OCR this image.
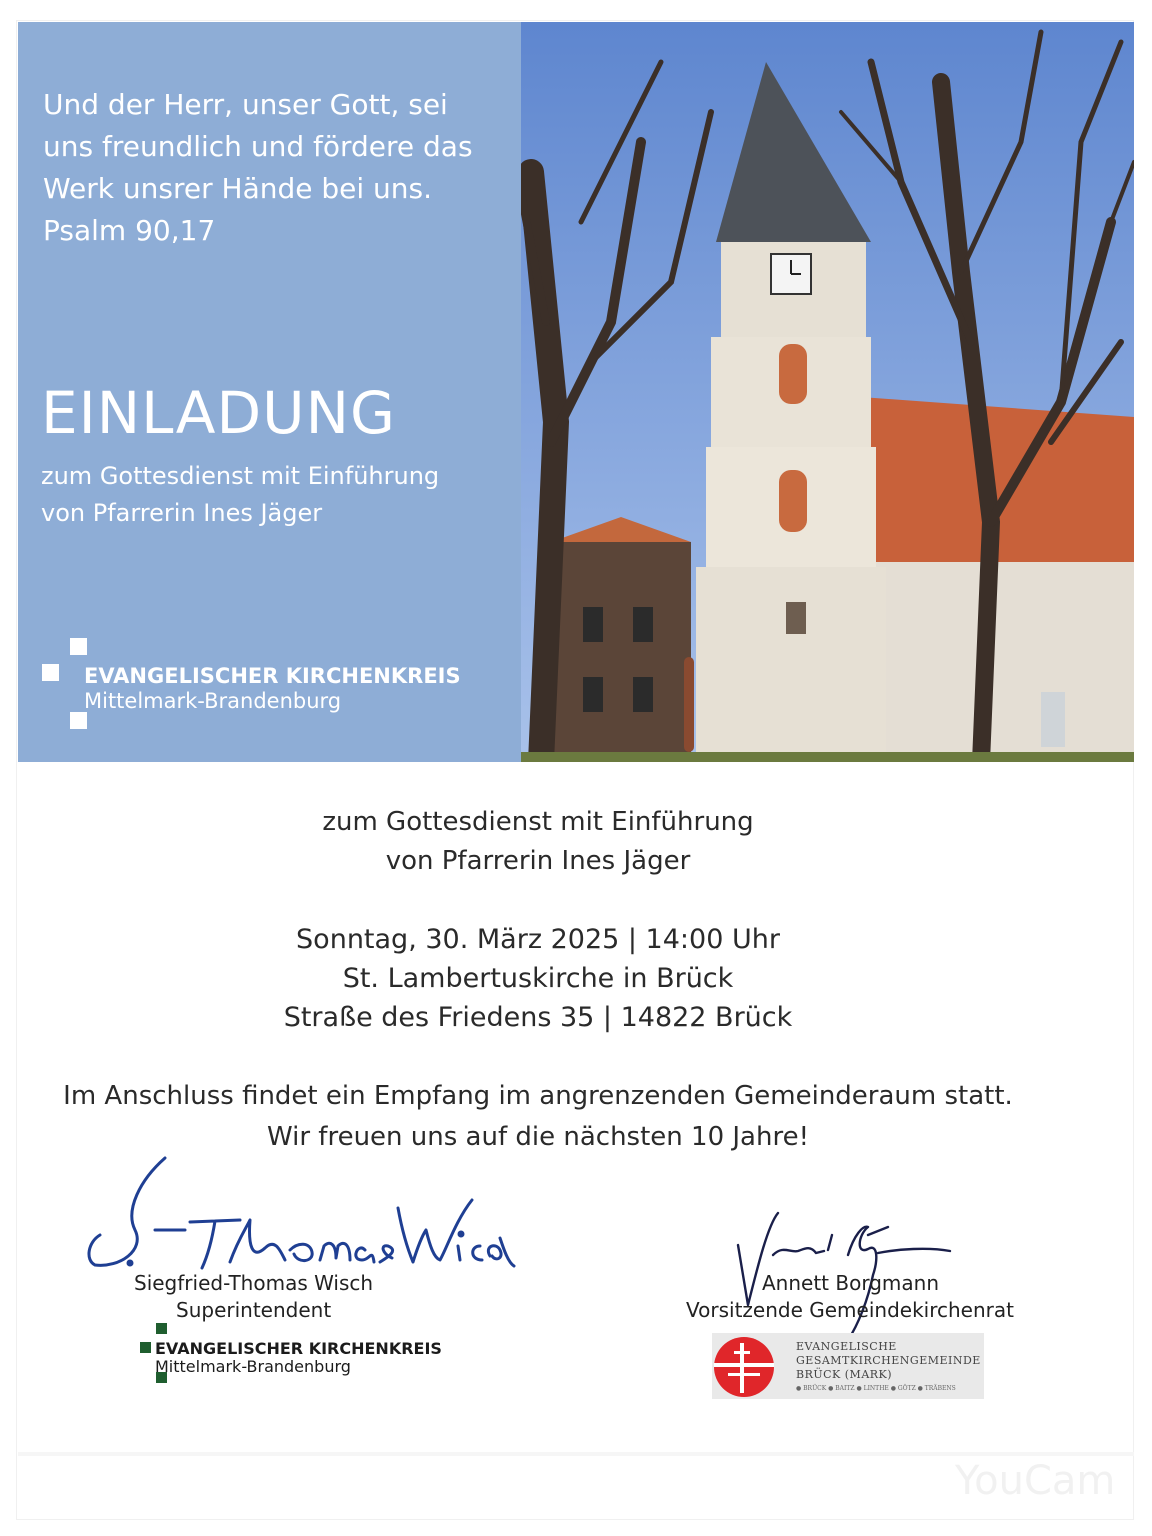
Und der Herr, unser Gott, sei
uns freundlich und fördere das
Werk unsrer Hände bei uns.
Psalm 90,17
EINLADUNG
zum Gottesdienst mit Einführung
von Pfarrerin Ines Jäger
EVANGELISCHER KIRCHENKREIS
Mittelmark-Brandenburg
zum Gottesdienst mit Einführung
von Pfarrerin Ines Jäger
Sonntag, 30. März 2025 | 14:00 Uhr
St. Lambertuskirche in Brück
Straße des Friedens 35 | 14822 Brück
Im Anschluss findet ein Empfang im angrenzenden Gemeinderaum statt.
Wir freuen uns auf die nächsten 10 Jahre!
Siegfried-Thomas Wisch
Superintendent
EVANGELISCHER KIRCHENKREIS
Mittelmark-Brandenburg
Annett Borgmann
Vorsitzende Gemeindekirchenrat
EVANGELISCHE
GESAMTKIRCHENGEMEINDE
BRÜCK (MARK)
● BRÜCK ● BAITZ ● LINTHE ● GÖTZ ● TRÄBENS
YouCam
